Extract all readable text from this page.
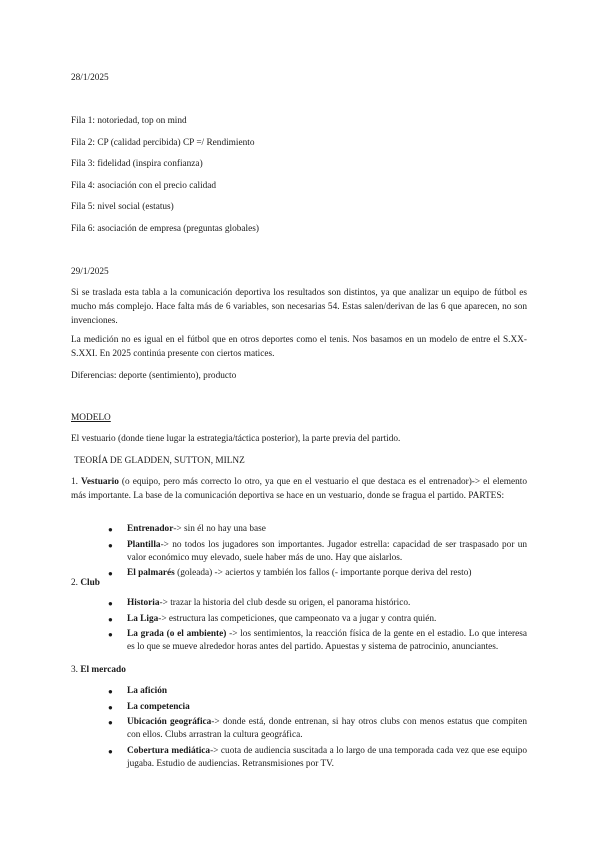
28/1/2025

Fila 1: notoriedad, top on mind

Fila 2: CP (calidad percibida) CP =/ Rendimiento

Fila 3: fidelidad (inspira confianza)

Fila 4: asociación con el precio calidad

Fila 5: nivel social (estatus)

Fila 6: asociación de empresa (preguntas globales)

29/1/2025

Si se traslada esta tabla a la comunicación deportiva los resultados son distintos, ya que analizar un equipo de fútbol es mucho más complejo. Hace falta más de 6 variables, son necesarias 54. Estas salen/derivan de las 6 que aparecen, no son invenciones.

La medición no es igual en el fútbol que en otros deportes como el tenis. Nos basamos en un modelo de entre el S.XX- S.XXI. En 2025 continúa presente con ciertos matices.

Diferencias: deporte (sentimiento), producto

MODELO

El vestuario (donde tiene lugar la estrategia/táctica posterior), la parte previa del partido.

TEORÍA DE GLADDEN, SUTTON, MILNZ

1. Vestuario (o equipo, pero más correcto lo otro, ya que en el vestuario el que destaca es el entrenador)-> el elemento más importante. La base de la comunicación deportiva se hace en un vestuario, donde se fragua el partido. PARTES:

● Entrenador-> sin él no hay una base
● Plantilla-> no todos los jugadores son importantes. Jugador estrella: capacidad de ser traspasado por un valor económico muy elevado, suele haber más de uno. Hay que aislarlos.
● El palmarés (goleada) -> aciertos y también los fallos (- importante porque deriva del resto)

2. Club

● Historia-> trazar la historia del club desde su origen, el panorama histórico.
● La Liga-> estructura las competiciones, que campeonato va a jugar y contra quién.
● La grada (o el ambiente) -> los sentimientos, la reacción física de la gente en el estadio. Lo que interesa es lo que se mueve alrededor horas antes del partido. Apuestas y sistema de patrocinio, anunciantes.

3. El mercado

● La afición
● La competencia
● Ubicación geográfica-> donde está, donde entrenan, si hay otros clubs con menos estatus que compiten con ellos. Clubs arrastran la cultura geográfica.
● Cobertura mediática-> cuota de audiencia suscitada a lo largo de una temporada cada vez que ese equipo jugaba. Estudio de audiencias. Retransmisiones por TV.
